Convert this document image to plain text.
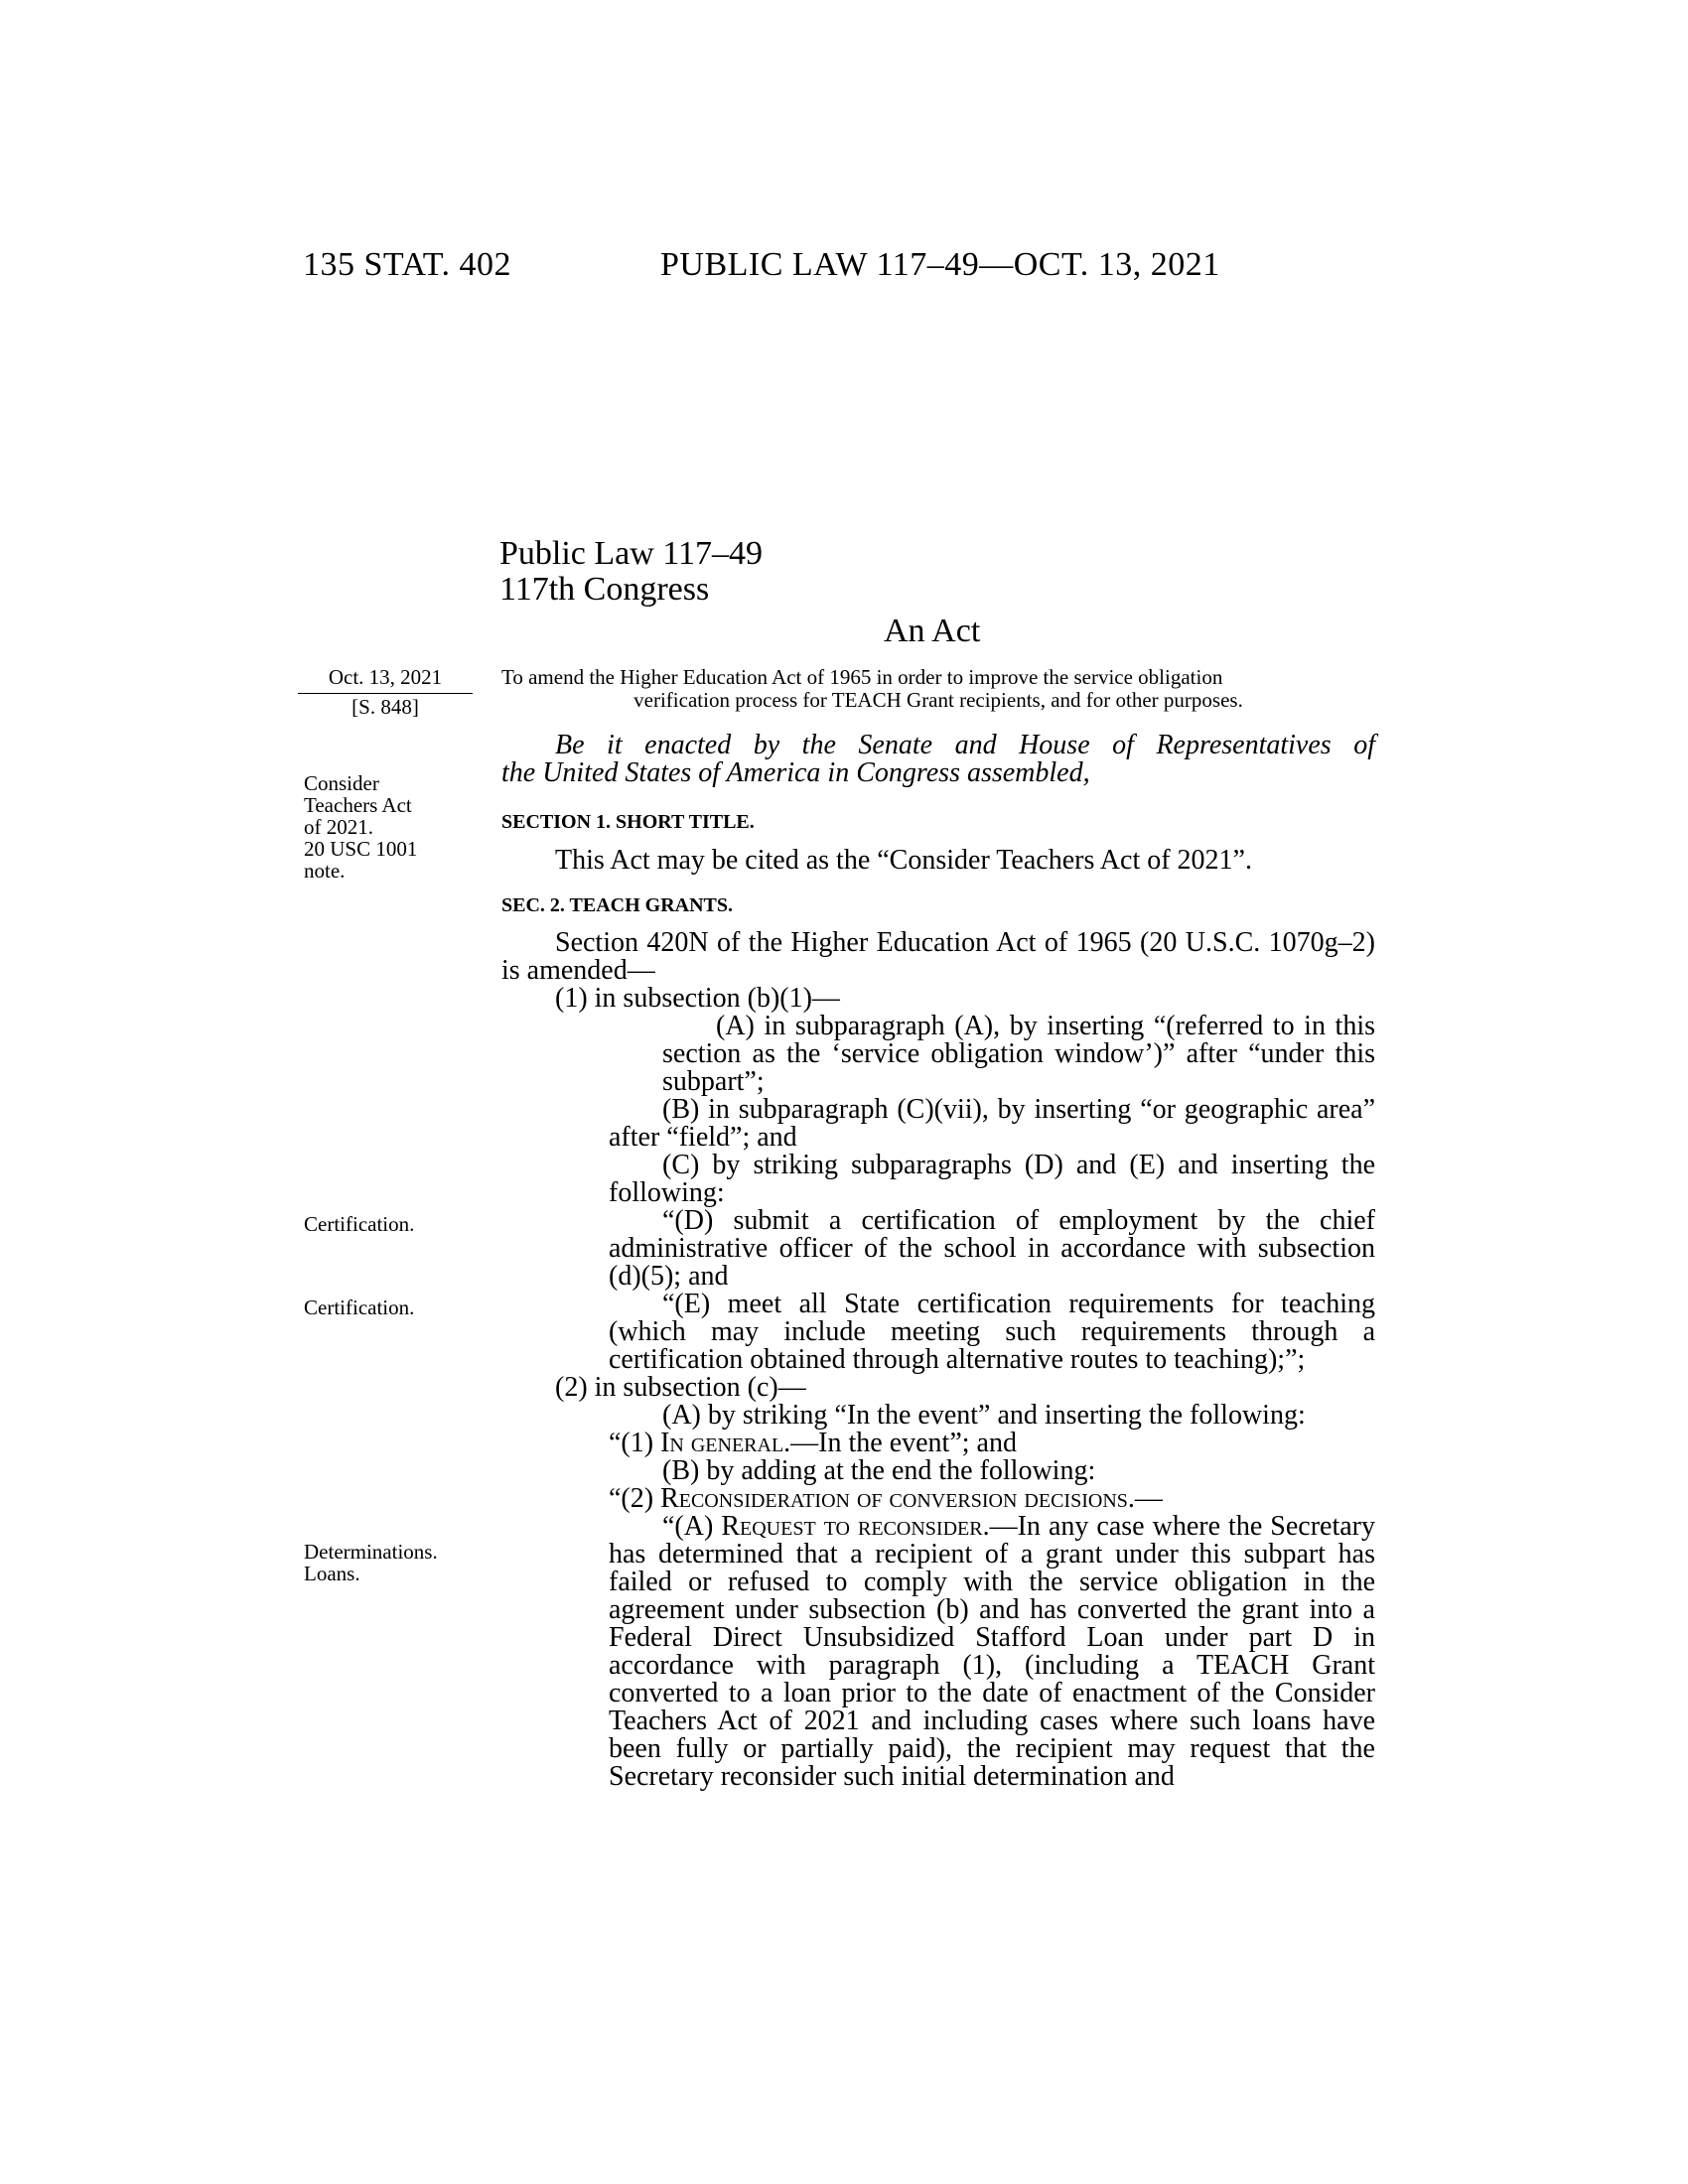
135 STAT. 402	PUBLIC LAW 117–49—OCT. 13, 2021
Public Law 117–49
117th Congress
An Act
Oct. 13, 2021
[S. 848]
Consider
Teachers Act
of 2021.
20 USC 1001
note.
Certification.
Certification.
Determinations.
Loans.
To amend the Higher Education Act of 1965 in order to improve the service obligation
verification process for TEACH Grant recipients, and for other purposes.
Be it enacted by the Senate and House of Representatives of
the United States of America in Congress assembled,
SECTION 1. SHORT TITLE.
This Act may be cited as the “Consider Teachers Act of 2021”.
SEC. 2. TEACH GRANTS.
Section 420N of the Higher Education Act of 1965 (20 U.S.C. 1070g–2) is amended—
(1) in subsection (b)(1)—
(A) in subparagraph (A), by inserting “(referred to in this section as the ‘service obligation window’)” after “under this subpart”;
(B) in subparagraph (C)(vii), by inserting “or geographic area” after “field”; and
(C) by striking subparagraphs (D) and (E) and inserting the following:
“(D) submit a certification of employment by the chief administrative officer of the school in accordance with subsection (d)(5); and
“(E) meet all State certification requirements for teaching (which may include meeting such requirements through a certification obtained through alternative routes to teaching);”;
(2) in subsection (c)—
(A) by striking “In the event” and inserting the following:
“(1) In general.—In the event”; and
(B) by adding at the end the following:
“(2) Reconsideration of conversion decisions.—
“(A) Request to reconsider.—In any case where the Secretary has determined that a recipient of a grant under this subpart has failed or refused to comply with the service obligation in the agreement under subsection (b) and has converted the grant into a Federal Direct Unsubsidized Stafford Loan under part D in accordance with paragraph (1), (including a TEACH Grant converted to a loan prior to the date of enactment of the Consider Teachers Act of 2021 and including cases where such loans have been fully or partially paid), the recipient may request that the Secretary reconsider such initial determination and
